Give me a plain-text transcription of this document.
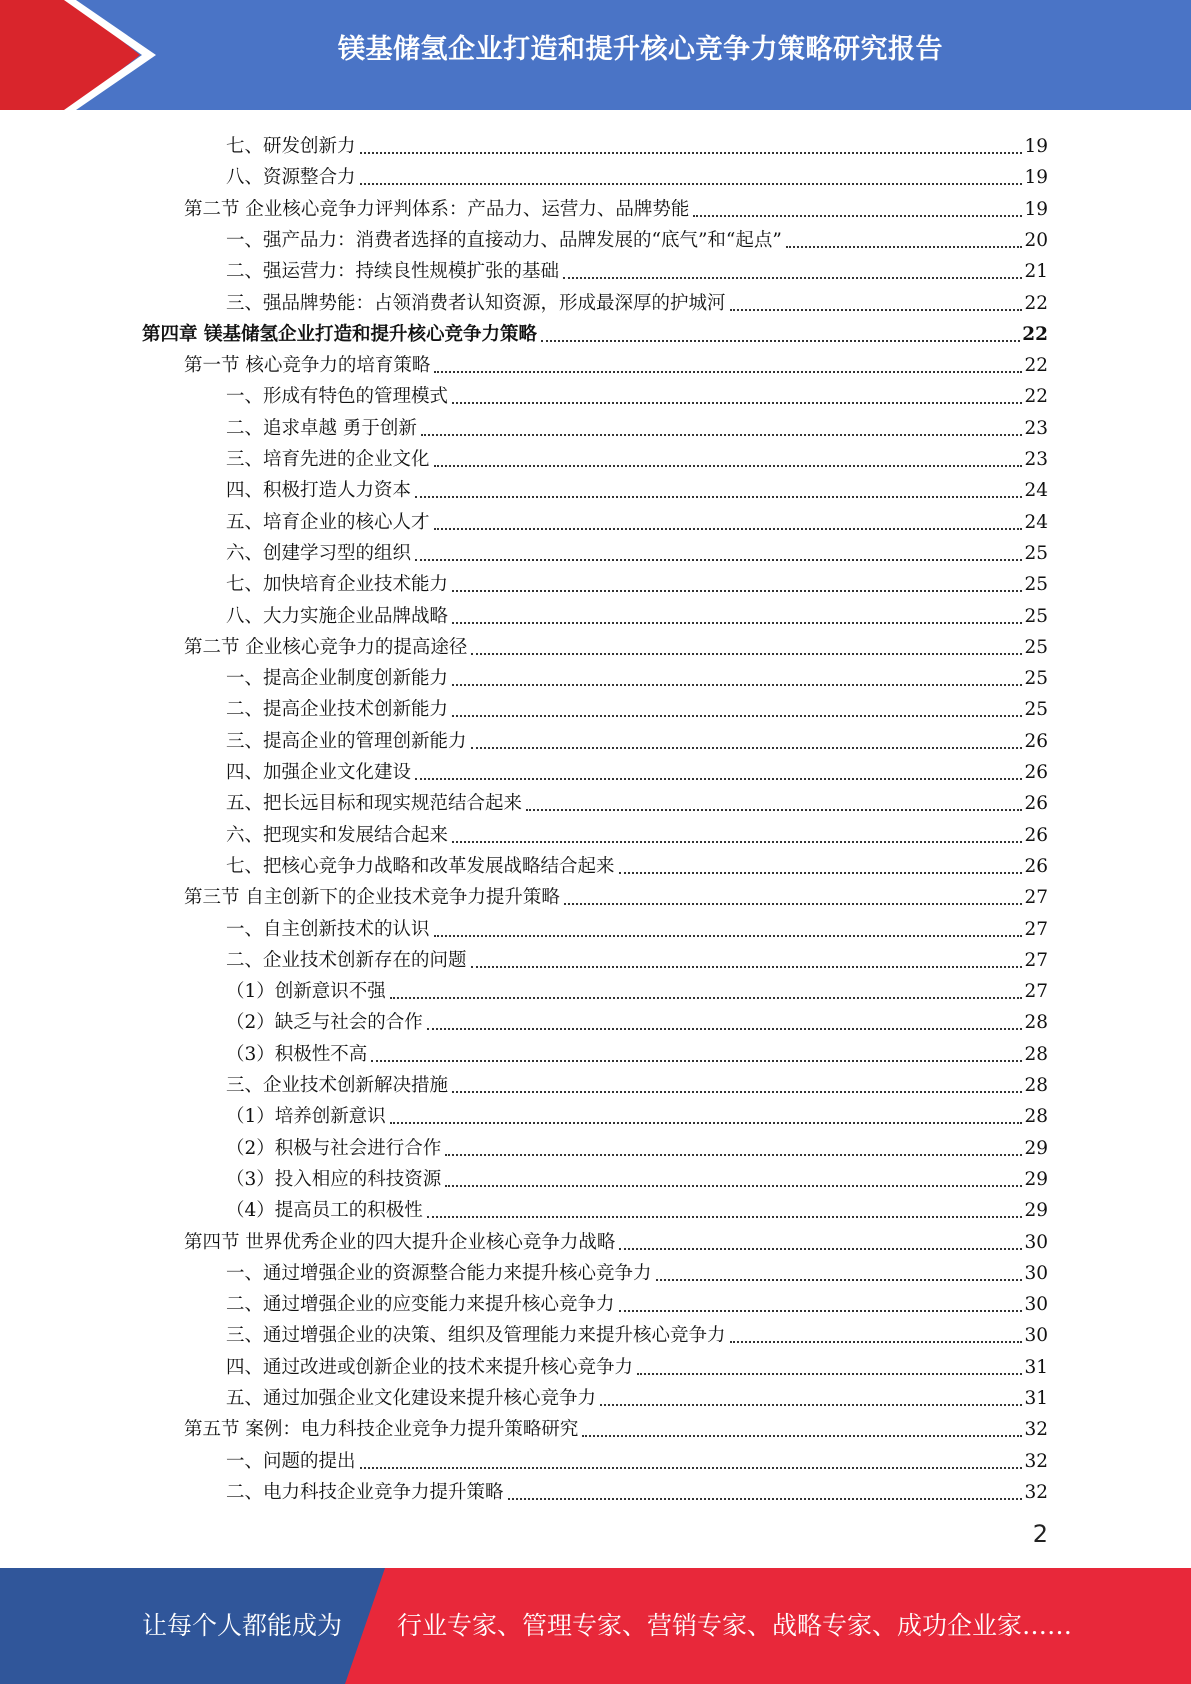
镁基储氢企业打造和提升核心竞争力策略研究报告
七、研发创新力	19
八、资源整合力	19
第二节 企业核心竞争力评判体系：产品力、运营力、品牌势能	19
一、强产品力：消费者选择的直接动力、品牌发展的“底气”和“起点”	20
二、强运营力：持续良性规模扩张的基础	21
三、强品牌势能：占领消费者认知资源，形成最深厚的护城河	22
第四章 镁基储氢企业打造和提升核心竞争力策略	22
第一节 核心竞争力的培育策略	22
一、形成有特色的管理模式	22
二、追求卓越 勇于创新	23
三、培育先进的企业文化	23
四、积极打造人力资本	24
五、培育企业的核心人才	24
六、创建学习型的组织	25
七、加快培育企业技术能力	25
八、大力实施企业品牌战略	25
第二节 企业核心竞争力的提高途径	25
一、提高企业制度创新能力	25
二、提高企业技术创新能力	25
三、提高企业的管理创新能力	26
四、加强企业文化建设	26
五、把长远目标和现实规范结合起来	26
六、把现实和发展结合起来	26
七、把核心竞争力战略和改革发展战略结合起来	26
第三节 自主创新下的企业技术竞争力提升策略	27
一、自主创新技术的认识	27
二、企业技术创新存在的问题	27
（1）创新意识不强	27
（2）缺乏与社会的合作	28
（3）积极性不高	28
三、企业技术创新解决措施	28
（1）培养创新意识	28
（2）积极与社会进行合作	29
（3）投入相应的科技资源	29
（4）提高员工的积极性	29
第四节 世界优秀企业的四大提升企业核心竞争力战略	30
一、通过增强企业的资源整合能力来提升核心竞争力	30
二、通过增强企业的应变能力来提升核心竞争力	30
三、通过增强企业的决策、组织及管理能力来提升核心竞争力	30
四、通过改进或创新企业的技术来提升核心竞争力	31
五、通过加强企业文化建设来提升核心竞争力	31
第五节 案例：电力科技企业竞争力提升策略研究	32
一、问题的提出	32
二、电力科技企业竞争力提升策略	32
2
让每个人都能成为 行业专家、管理专家、营销专家、战略专家、成功企业家……
